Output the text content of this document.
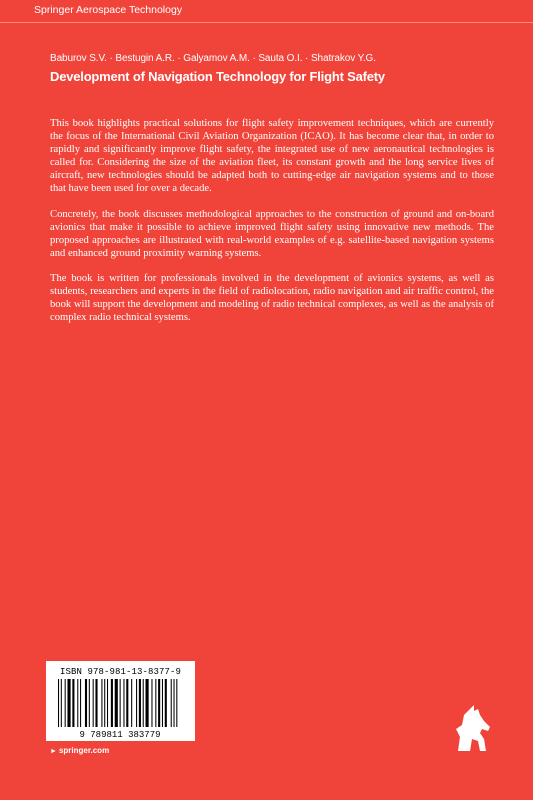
Springer Aerospace Technology
Baburov S.V. · Bestugin A.R. · Galyamov A.M. · Sauta O.I. · Shatrakov Y.G.
Development of Navigation Technology for Flight Safety

This book highlights practical solutions for flight safety improvement techniques, which are currently the focus of the International Civil Aviation Organization (ICAO). It has become clear that, in order to rapidly and significantly improve flight safety, the integrated use of new aeronautical technologies is called for. Considering the size of the aviation fleet, its constant growth and the long service lives of aircraft, new technologies should be adapted both to cutting-edge air navigation systems and to those that have been used for over a decade.

Concretely, the book discusses methodological approaches to the construction of ground and on-board avionics that make it possible to achieve improved flight safety using innovative new methods. The proposed approaches are illustrated with real-world examples of e.g. satellite-based navigation systems and enhanced ground proximity warning systems.

The book is written for professionals involved in the development of avionics systems, as well as students, researchers and experts in the field of radiolocation, radio navigation and air traffic control, the book will support the development and modeling of radio technical complexes, as well as the analysis of complex radio technical systems.

ISBN 978-981-13-8377-9
9 789811 383779
► springer.com
